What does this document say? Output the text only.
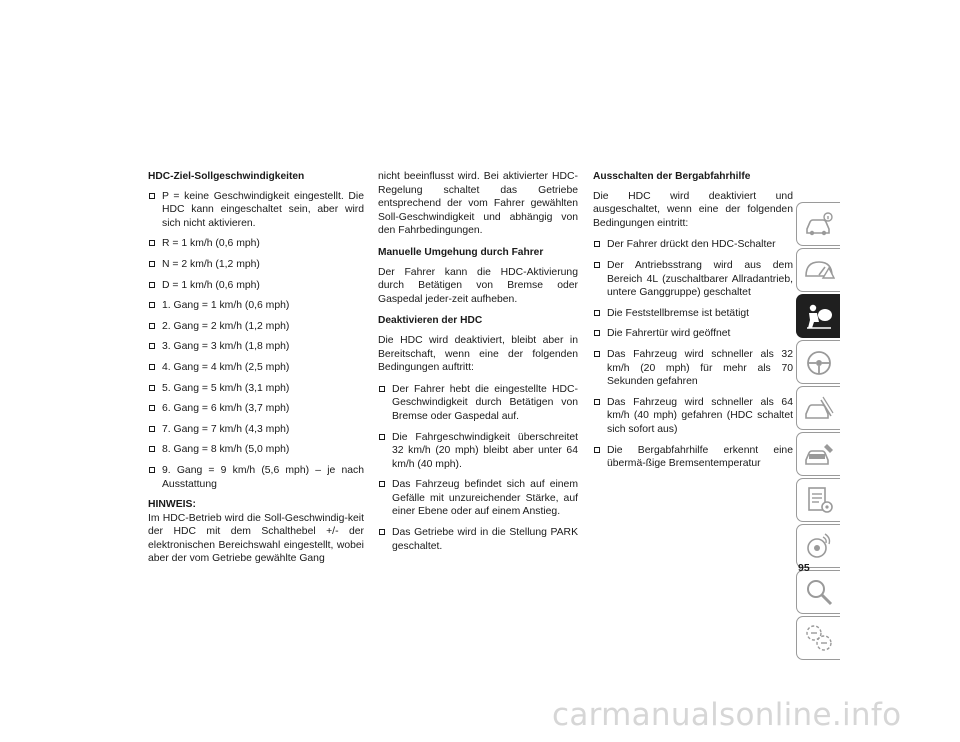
HDC-Ziel-Sollgeschwindigkeiten

P = keine Geschwindigkeit eingestellt. Die HDC kann eingeschaltet sein, aber wird sich nicht aktivieren.
R = 1 km/h (0,6 mph)
N = 2 km/h (1,2 mph)
D = 1 km/h (0,6 mph)
1. Gang = 1 km/h (0,6 mph)
2. Gang = 2 km/h (1,2 mph)
3. Gang = 3 km/h (1,8 mph)
4. Gang = 4 km/h (2,5 mph)
5. Gang = 5 km/h (3,1 mph)
6. Gang = 6 km/h (3,7 mph)
7. Gang = 7 km/h (4,3 mph)
8. Gang = 8 km/h (5,0 mph)
9. Gang = 9 km/h (5,6 mph) – je nach Ausstattung

HINWEIS:

Im HDC-Betrieb wird die Soll-Geschwindig-keit der HDC mit dem Schalthebel +/- der elektronischen Bereichswahl eingestellt, wobei aber der vom Getriebe gewählte Gang

nicht beeinflusst wird. Bei aktivierter HDC-Regelung schaltet das Getriebe entsprechend der vom Fahrer gewählten Soll-Geschwindigkeit und abhängig von den Fahrbedingungen.

Manuelle Umgehung durch Fahrer

Der Fahrer kann die HDC-Aktivierung durch Betätigen von Bremse oder Gaspedal jeder-zeit aufheben.

Deaktivieren der HDC

Die HDC wird deaktiviert, bleibt aber in Bereitschaft, wenn eine der folgenden Bedingungen auftritt:

Der Fahrer hebt die eingestellte HDC-Geschwindigkeit durch Betätigen von Bremse oder Gaspedal auf.
Die Fahrgeschwindigkeit überschreitet 32 km/h (20 mph) bleibt aber unter 64 km/h (40 mph).
Das Fahrzeug befindet sich auf einem Gefälle mit unzureichender Stärke, auf einer Ebene oder auf einem Anstieg.
Das Getriebe wird in die Stellung PARK geschaltet.

Ausschalten der Bergabfahrhilfe

Die HDC wird deaktiviert und ausgeschaltet, wenn eine der folgenden Bedingungen eintritt:

Der Fahrer drückt den HDC-Schalter
Der Antriebsstrang wird aus dem Bereich 4L (zuschaltbarer Allradantrieb, untere Ganggruppe) geschaltet
Die Feststellbremse ist betätigt
Die Fahrertür wird geöffnet
Das Fahrzeug wird schneller als 32 km/h (20 mph) für mehr als 70 Sekunden gefahren
Das Fahrzeug wird schneller als 64 km/h (40 mph) gefahren (HDC schaltet sich sofort aus)
Die Bergabfahrhilfe erkennt eine übermä-ßige Bremsentemperatur
95
carmanualsonline.info
